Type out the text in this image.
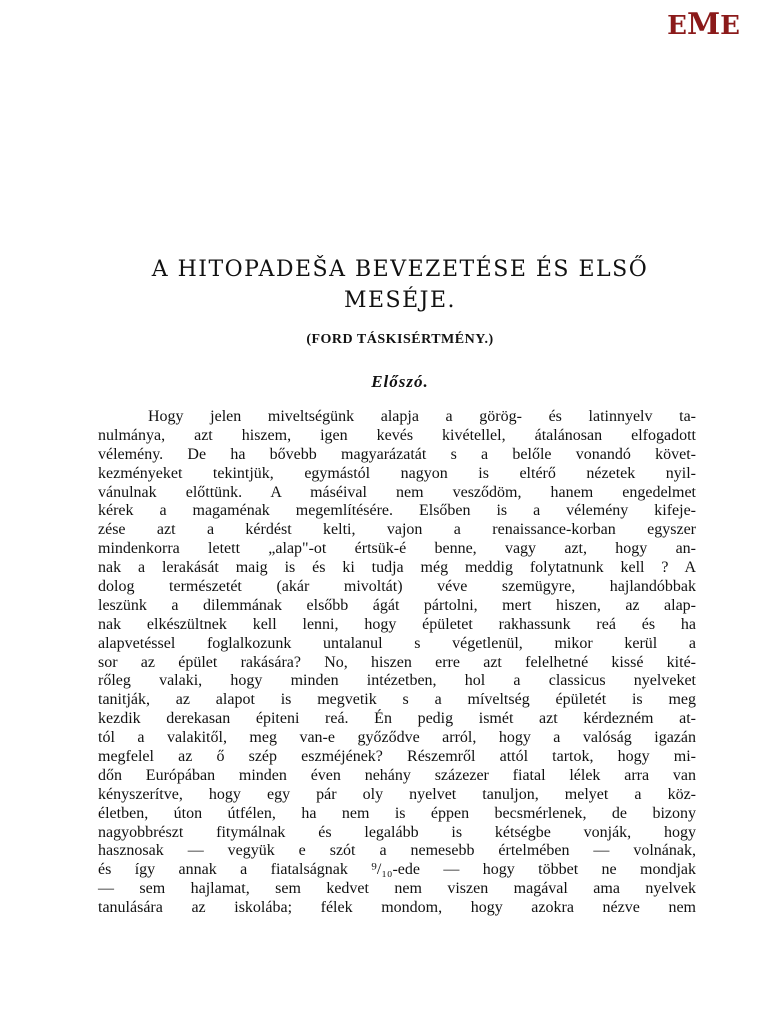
EME
A HITOPADEŠA BEVEZETÉSE ÉS ELSŐ
MESÉJE.
(FORD TÁSKISÉRTMÉNY.)
Előszó.
Hogy jelen miveltségünk alapja a görög- és latinnyelv ta-
nulmánya, azt hiszem, igen kevés kivétellel, átalánosan elfogadott
vélemény. De ha bővebb magyarázatát s a belőle vonandó követ-
kezményeket tekintjük, egymástól nagyon is eltérő nézetek nyil-
vánulnak előttünk. A máséival nem vesződöm, hanem engedelmet
kérek a magaménak megemlítésére. Elsőben is a vélemény kifeje-
zése azt a kérdést kelti, vajon a renaissance-korban egyszer
mindenkorra letett „alap"-ot értsük-é benne, vagy azt, hogy an-
nak a lerakását maig is és ki tudja még meddig folytatnunk kell ? A
dolog természetét (akár mivoltát) véve szemügyre, hajlandóbbak
leszünk a dilemmának elsőbb ágát pártolni, mert hiszen, az alap-
nak elkészültnek kell lenni, hogy épületet rakhassunk reá és ha
alapvetéssel foglalkozunk untalanul s végetlenül, mikor kerül a
sor az épület rakására? No, hiszen erre azt felelhetné kissé kité-
rőleg valaki, hogy minden intézetben, hol a classicus nyelveket
tanitják, az alapot is megvetik s a míveltség épületét is meg
kezdik derekasan épiteni reá. Én pedig ismét azt kérdezném at-
tól a valakitől, meg van-e győződve arról, hogy a valóság igazán
megfelel az ő szép eszméjének? Részemről attól tartok, hogy mi-
dőn Európában minden éven nehány százezer fiatal lélek arra van
kényszerítve, hogy egy pár oly nyelvet tanuljon, melyet a köz-
életben, úton útfélen, ha nem is éppen becsmérlenek, de bizony
nagyobbrészt fitymálnak és legalább is kétségbe vonják, hogy
hasznosak — vegyük e szót a nemesebb értelmében — volnának,
és így annak a fiatalságnak ⁹/₁₀-ede — hogy többet ne mondjak
— sem hajlamat, sem kedvet nem viszen magával ama nyelvek
tanulására az iskolába; félek mondom, hogy azokra nézve nem
